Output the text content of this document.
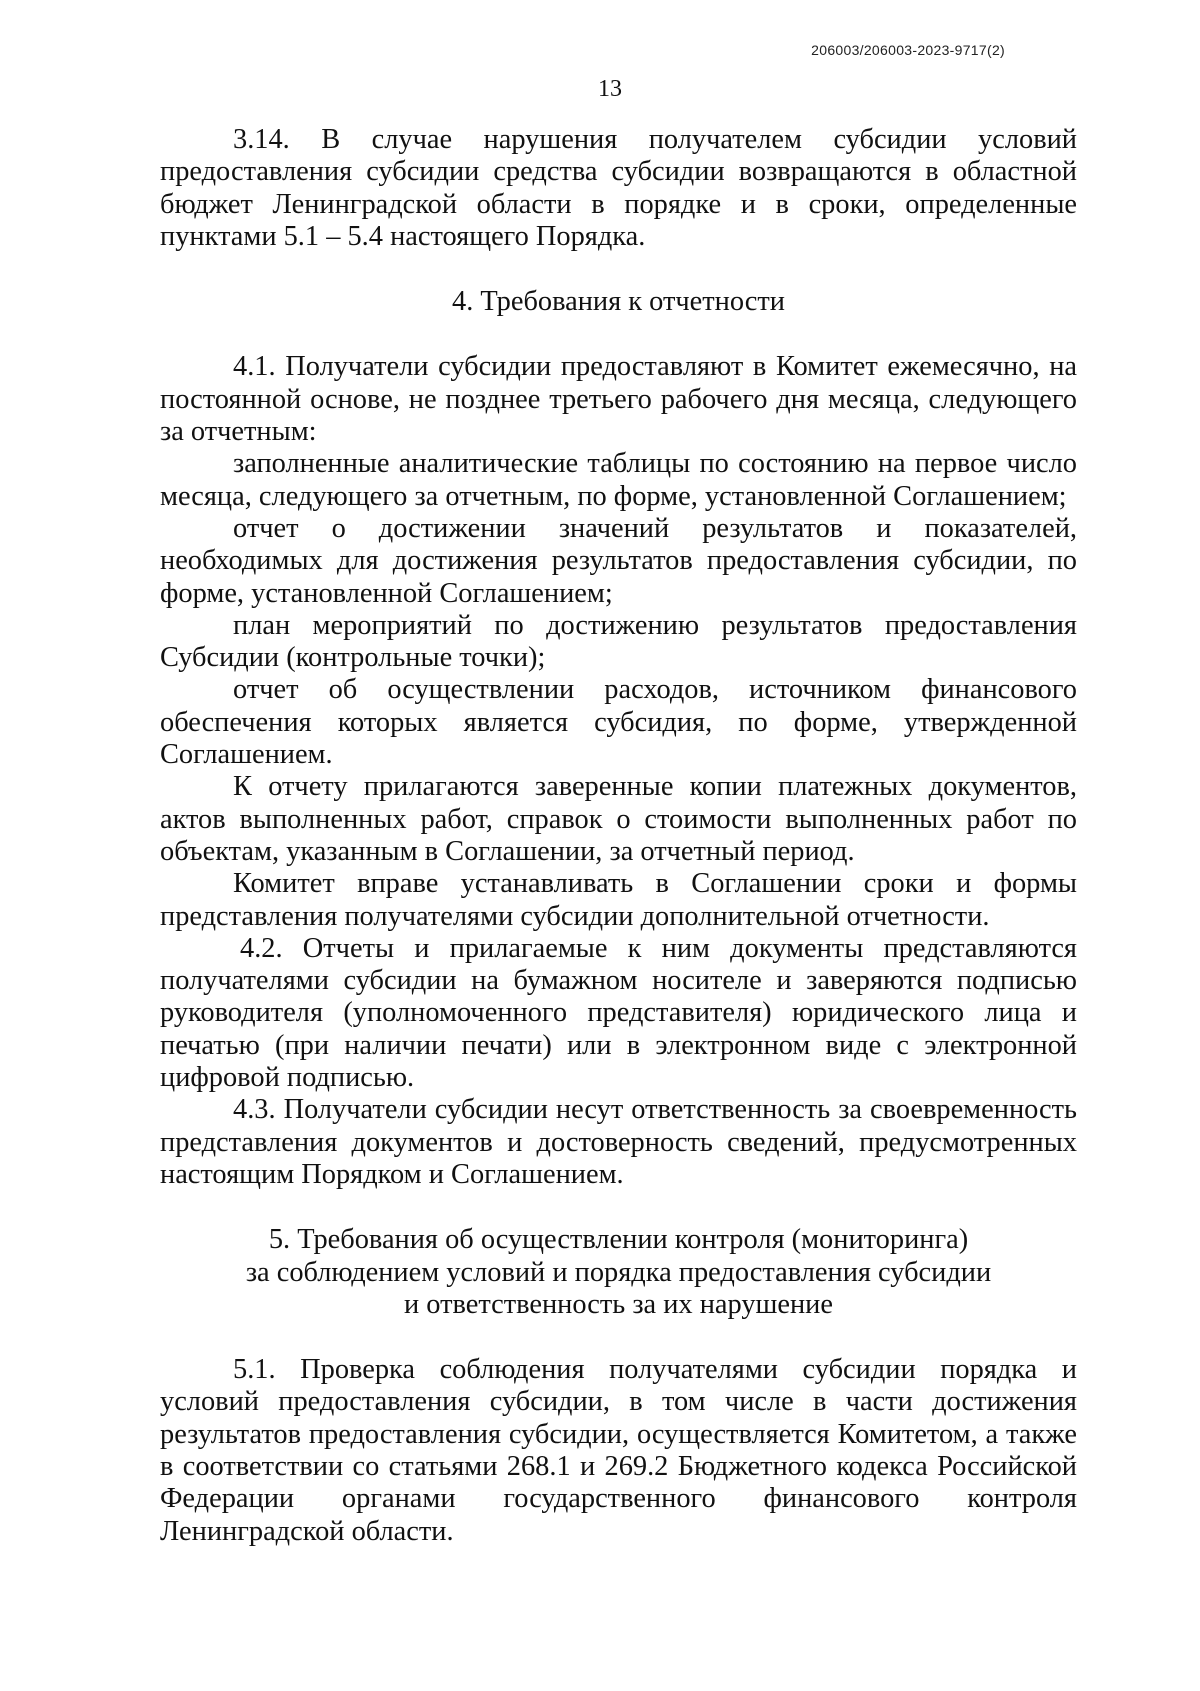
206003/206003-2023-9717(2)
13

3.14. В случае нарушения получателем субсидии условий предоставления субсидии средства субсидии возвращаются в областной бюджет Ленинградской области в порядке и в сроки, определенные пунктами 5.1 – 5.4 настоящего Порядка.

4. Требования к отчетности

4.1. Получатели субсидии предоставляют в Комитет ежемесячно, на постоянной основе, не позднее третьего рабочего дня месяца, следующего за отчетным:

заполненные аналитические таблицы по состоянию на первое число месяца, следующего за отчетным, по форме, установленной Соглашением;

отчет о достижении значений результатов и показателей, необходимых для достижения результатов предоставления субсидии, по форме, установленной Соглашением;

план мероприятий по достижению результатов предоставления Субсидии (контрольные точки);

отчет об осуществлении расходов, источником финансового обеспечения которых является субсидия, по форме, утвержденной Соглашением.

К отчету прилагаются заверенные копии платежных документов, актов выполненных работ, справок о стоимости выполненных работ по объектам, указанным в Соглашении, за отчетный период.

Комитет вправе устанавливать в Соглашении сроки и формы представления получателями субсидии дополнительной отчетности.

4.2. Отчеты и прилагаемые к ним документы представляются получателями субсидии на бумажном носителе и заверяются подписью руководителя (уполномоченного представителя) юридического лица и печатью (при наличии печати) или в электронном виде с электронной цифровой подписью.

4.3. Получатели субсидии несут ответственность за своевременность представления документов и достоверность сведений, предусмотренных настоящим Порядком и Соглашением.

5. Требования об осуществлении контроля (мониторинга)

за соблюдением условий и порядка предоставления субсидии

и ответственность за их нарушение

5.1. Проверка соблюдения получателями субсидии порядка и условий предоставления субсидии, в том числе в части достижения результатов предоставления субсидии, осуществляется Комитетом, а также в соответствии со статьями 268.1 и 269.2 Бюджетного кодекса Российской Федерации органами государственного финансового контроля Ленинградской области.
